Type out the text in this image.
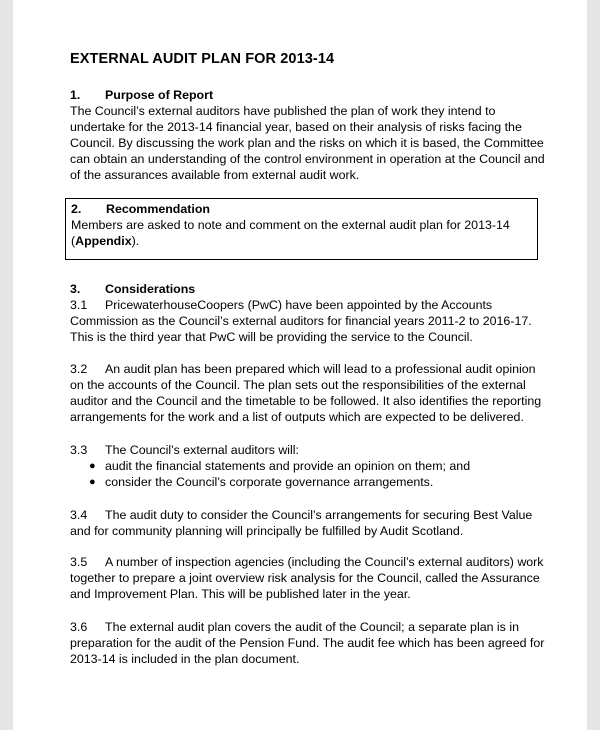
EXTERNAL AUDIT PLAN FOR 2013-14
1.	Purpose of Report

The Council’s external auditors have published the plan of work they intend to undertake for the 2013-14 financial year, based on their analysis of risks facing the Council. By discussing the work plan and the risks on which it is based, the Committee can obtain an understanding of the control environment in operation at the Council and of the assurances available from external audit work.

2.	Recommendation

Members are asked to note and comment on the external audit plan for 2013-14 (Appendix).

3.	Considerations

3.1 PricewaterhouseCoopers (PwC) have been appointed by the Accounts Commission as the Council’s external auditors for financial years 2011-2 to 2016-17. This is the third year that PwC will be providing the service to the Council.

3.2 An audit plan has been prepared which will lead to a professional audit opinion on the accounts of the Council. The plan sets out the responsibilities of the external auditor and the Council and the timetable to be followed. It also identifies the reporting arrangements for the work and a list of outputs which are expected to be delivered.

3.3 The Council’s external auditors will:

● audit the financial statements and provide an opinion on them; and
● consider the Council’s corporate governance arrangements.

3.4 The audit duty to consider the Council’s arrangements for securing Best Value and for community planning will principally be fulfilled by Audit Scotland.

3.5 A number of inspection agencies (including the Council’s external auditors) work together to prepare a joint overview risk analysis for the Council, called the Assurance and Improvement Plan. This will be published later in the year.

3.6 The external audit plan covers the audit of the Council; a separate plan is in preparation for the audit of the Pension Fund. The audit fee which has been agreed for 2013-14 is included in the plan document.
